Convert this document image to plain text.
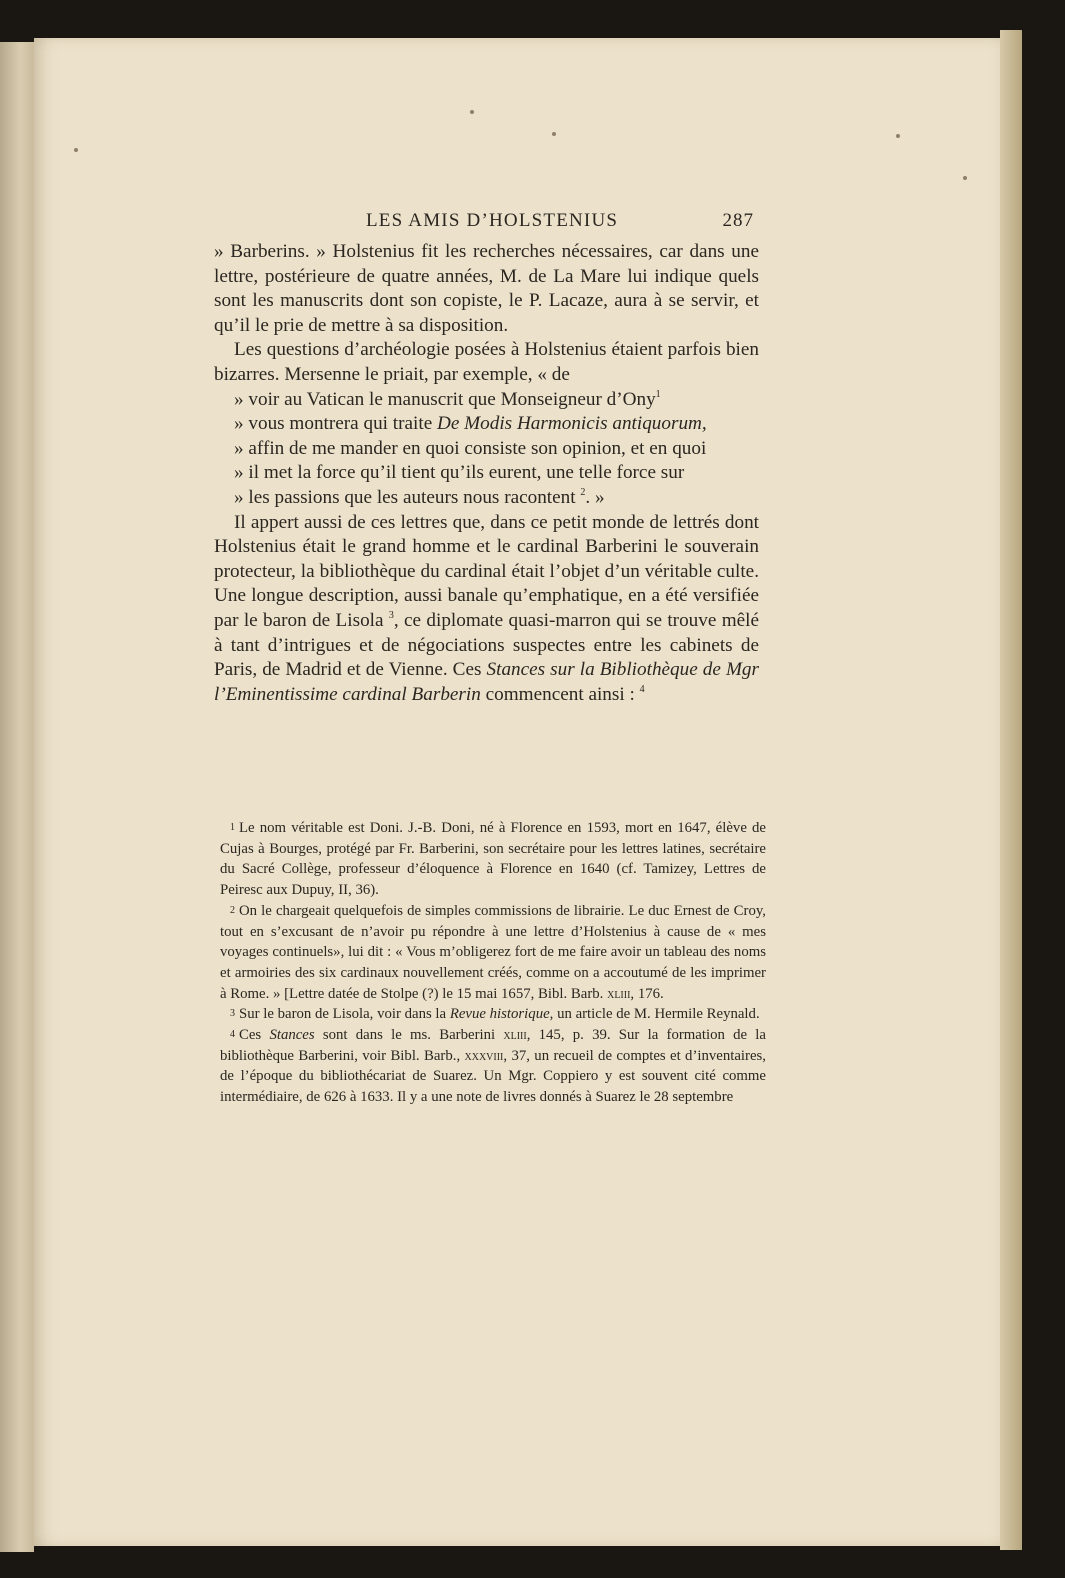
LES AMIS D’HOLSTENIUS	287

» Barberins. » Holstenius fit les recherches nécessaires, car dans une lettre, postérieure de quatre années, M. de La Mare lui indique quels sont les manuscrits dont son copiste, le P. Lacaze, aura à se servir, et qu’il le prie de mettre à sa disposition.

Les questions d’archéologie posées à Holstenius étaient parfois bien bizarres. Mersenne le priait, par exemple, « de
» voir au Vatican le manuscrit que Monseigneur d’Ony$^1$
» vous montrera qui traite De Modis Harmonicis antiquorum,
» affin de me mander en quoi consiste son opinion, et en quoi
» il met la force qu’il tient qu’ils eurent, une telle force sur
» les passions que les auteurs nous racontent $^2$. »

Il appert aussi de ces lettres que, dans ce petit monde de lettrés dont Holstenius était le grand homme et le cardinal Barberini le souverain protecteur, la bibliothèque du cardinal était l’objet d’un véritable culte. Une longue description, aussi banale qu’emphatique, en a été versifiée par le baron de Lisola $^3$, ce diplomate quasi-marron qui se trouve mêlé à tant d’intrigues et de négociations suspectes entre les cabinets de Paris, de Madrid et de Vienne. Ces Stances sur la Bibliothèque de Mgr l’Eminentissime cardinal Barberin commencent ainsi : $^4$

1 Le nom véritable est Doni. J.-B. Doni, né à Florence en 1593, mort en 1647, élève de Cujas à Bourges, protégé par Fr. Barberini, son secrétaire pour les lettres latines, secrétaire du Sacré Collège, professeur d’éloquence à Florence en 1640 (cf. Tamizey, Lettres de Peiresc aux Dupuy, II, 36).

2 On le chargeait quelquefois de simples commissions de librairie. Le duc Ernest de Croy, tout en s’excusant de n’avoir pu répondre à une lettre d’Holstenius à cause de « mes voyages continuels», lui dit : « Vous m’obligerez fort de me faire avoir un tableau des noms et armoiries des six cardinaux nouvellement créés, comme on a accoutumé de les imprimer à Rome. » [Lettre datée de Stolpe (?) le 15 mai 1657, Bibl. Barb. xliii, 176.

3 Sur le baron de Lisola, voir dans la Revue historique, un article de M. Hermile Reynald.

4 Ces Stances sont dans le ms. Barberini xliii, 145, p. 39. Sur la formation de la bibliothèque Barberini, voir Bibl. Barb., xxxviii, 37, un recueil de comptes et d’inventaires, de l’époque du bibliothécariat de Suarez. Un Mgr. Coppiero y est souvent cité comme intermédiaire, de 626 à 1633. Il y a une note de livres donnés à Suarez le 28 septembre
